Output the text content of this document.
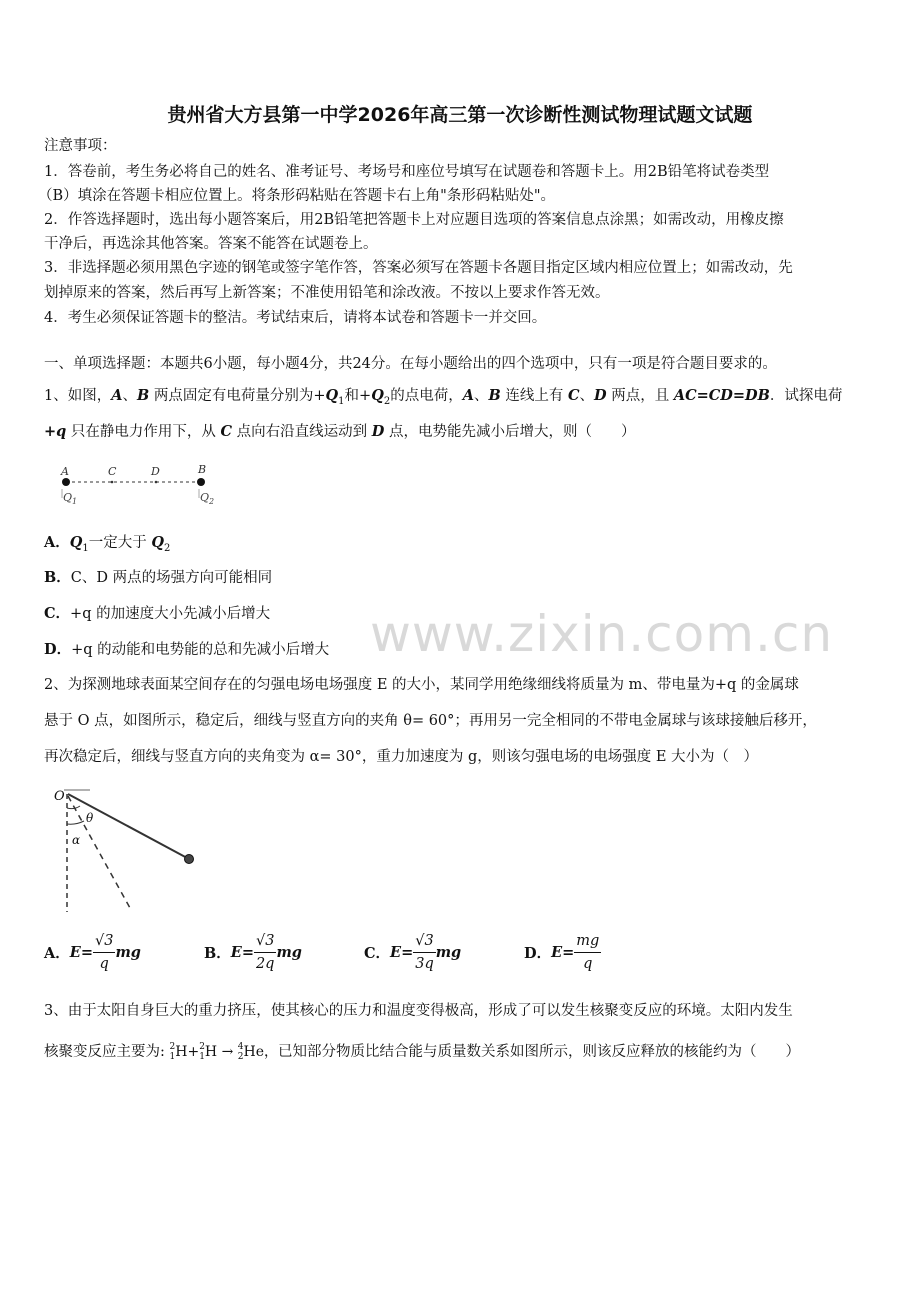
贵州省大方县第一中学2026年高三第一次诊断性测试物理试题文试题
注意事项：
1．答卷前，考生务必将自己的姓名、准考证号、考场号和座位号填写在试题卷和答题卡上。用2B铅笔将试卷类型
（B）填涂在答题卡相应位置上。将条形码粘贴在答题卡右上角"条形码粘贴处"。
2．作答选择题时，选出每小题答案后，用2B铅笔把答题卡上对应题目选项的答案信息点涂黑；如需改动，用橡皮擦
干净后，再选涂其他答案。答案不能答在试题卷上。
3．非选择题必须用黑色字迹的钢笔或签字笔作答，答案必须写在答题卡各题目指定区域内相应位置上；如需改动，先
划掉原来的答案，然后再写上新答案；不准使用铅笔和涂改液。不按以上要求作答无效。
4．考生必须保证答题卡的整洁。考试结束后，请将本试卷和答题卡一并交回。
一、单项选择题：本题共6小题，每小题4分，共24分。在每小题给出的四个选项中，只有一项是符合题目要求的。
1、如图，A、B 两点固定有电荷量分别为$+Q_1$和$+Q_2$的点电荷，A、B 连线上有 C、D 两点，且 AC=CD=DB．试探电荷
+q 只在静电力作用下，从 C 点向右沿直线运动到 D 点，电势能先减小后增大，则（　　）
A	C	D	B
$Q_1$	$Q_2$
A．$Q_1$一定大于 $Q_2$
B．C、D 两点的场强方向可能相同
C．+q 的加速度大小先减小后增大
D．+q 的动能和电势能的总和先减小后增大 www.zixin.com.cn
2、为探测地球表面某空间存在的匀强电场电场强度 E 的大小，某同学用绝缘细线将质量为 m、带电量为+q 的金属球
悬于 O 点，如图所示，稳定后，细线与竖直方向的夹角 θ= 60°；再用另一完全相同的不带电金属球与该球接触后移开，
再次稳定后，细线与竖直方向的夹角变为 α= 30°，重力加速度为 g，则该匀强电场的电场强度 E 大小为（　）
O
θ
α
A．$E= \frac{√3}{q}$ mg	B．$E= \frac{√3}{2q}$ mg	C．$E= \frac{√3}{3q}$ mg	D．$E= \frac{mg}{q}$
3、由于太阳自身巨大的重力挤压，使其核心的压力和温度变得极高，形成了可以发生核聚变反应的环境。太阳内发生
核聚变反应主要为: 2
1 H+ 2
1 H → 4
2 He，已知部分物质比结合能与质量数关系如图所示，则该反应释放的核能约为（　　）
